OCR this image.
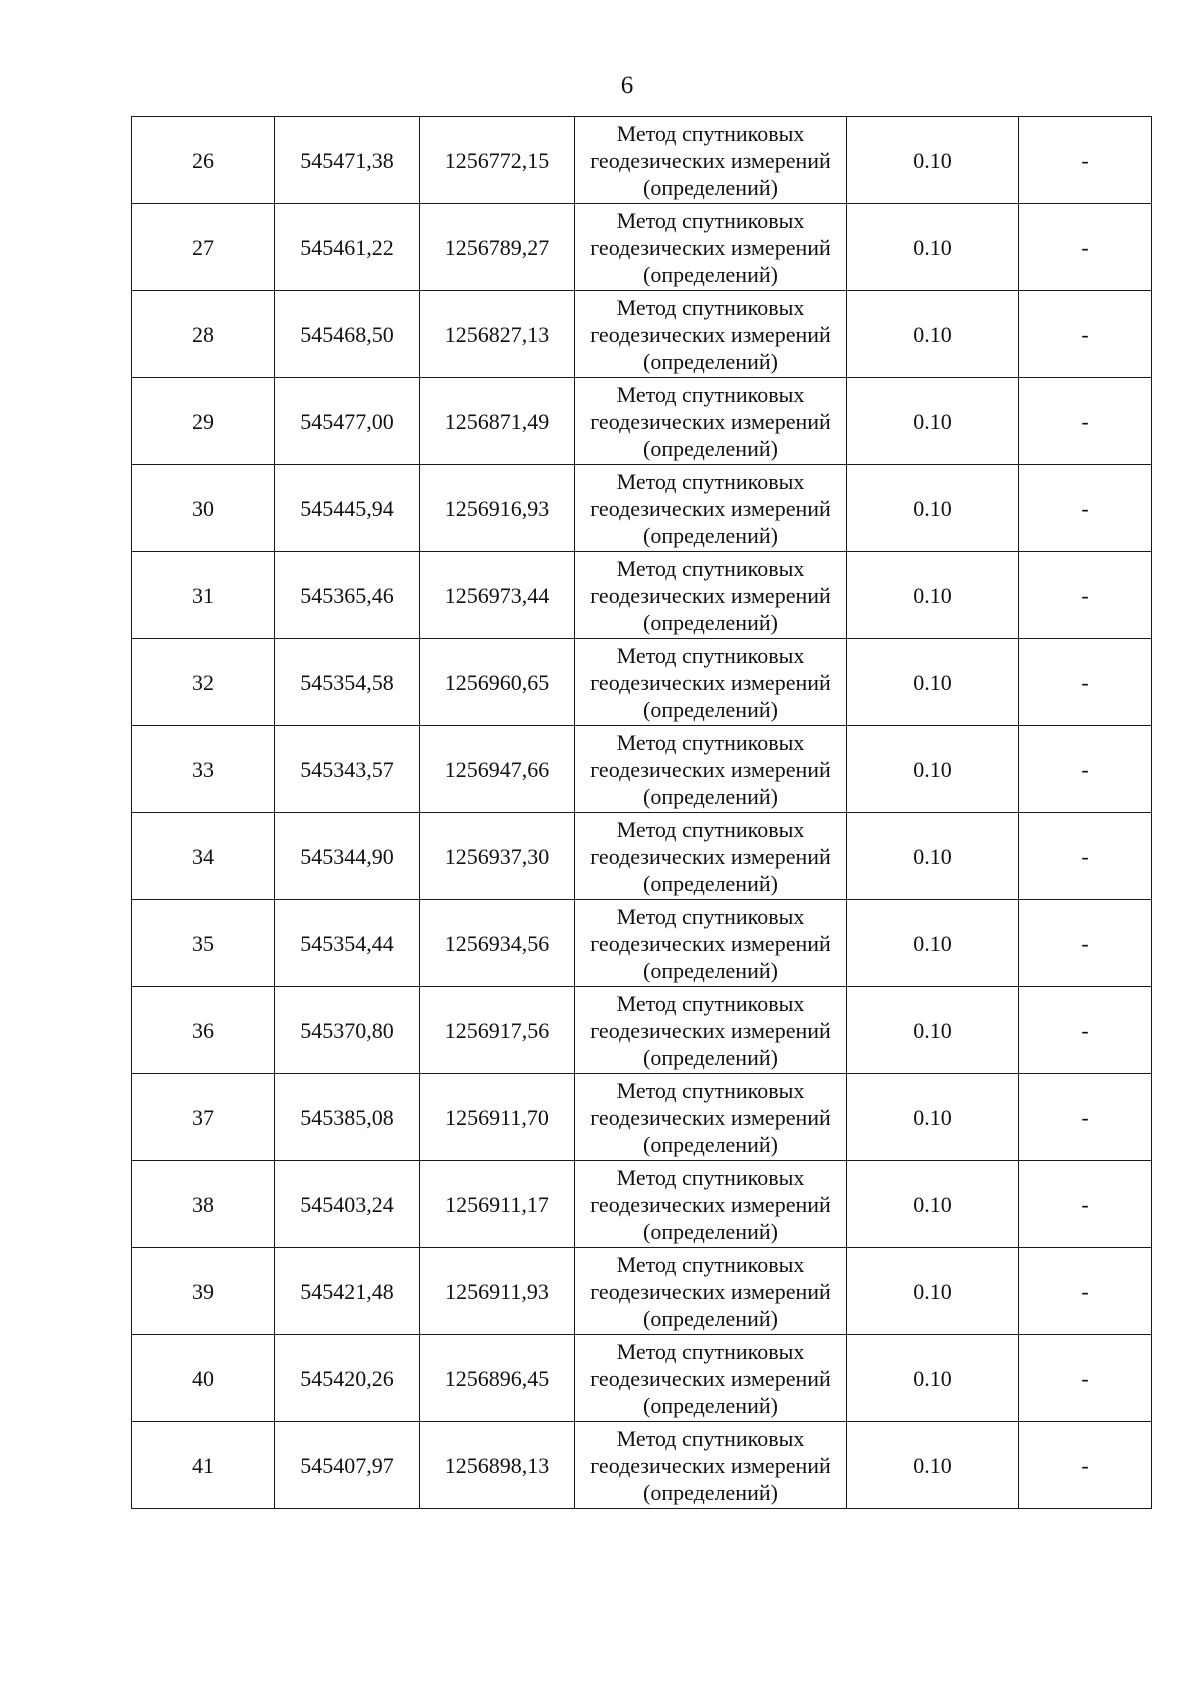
6
26	545471,38	1256772,15	Метод спутниковых
геодезических измерений
(определений)	0.10	-
27	545461,22	1256789,27	Метод спутниковых
геодезических измерений
(определений)	0.10	-
28	545468,50	1256827,13	Метод спутниковых
геодезических измерений
(определений)	0.10	-
29	545477,00	1256871,49	Метод спутниковых
геодезических измерений
(определений)	0.10	-
30	545445,94	1256916,93	Метод спутниковых
геодезических измерений
(определений)	0.10	-
31	545365,46	1256973,44	Метод спутниковых
геодезических измерений
(определений)	0.10	-
32	545354,58	1256960,65	Метод спутниковых
геодезических измерений
(определений)	0.10	-
33	545343,57	1256947,66	Метод спутниковых
геодезических измерений
(определений)	0.10	-
34	545344,90	1256937,30	Метод спутниковых
геодезических измерений
(определений)	0.10	-
35	545354,44	1256934,56	Метод спутниковых
геодезических измерений
(определений)	0.10	-
36	545370,80	1256917,56	Метод спутниковых
геодезических измерений
(определений)	0.10	-
37	545385,08	1256911,70	Метод спутниковых
геодезических измерений
(определений)	0.10	-
38	545403,24	1256911,17	Метод спутниковых
геодезических измерений
(определений)	0.10	-
39	545421,48	1256911,93	Метод спутниковых
геодезических измерений
(определений)	0.10	-
40	545420,26	1256896,45	Метод спутниковых
геодезических измерений
(определений)	0.10	-
41	545407,97	1256898,13	Метод спутниковых
геодезических измерений
(определений)	0.10	-
